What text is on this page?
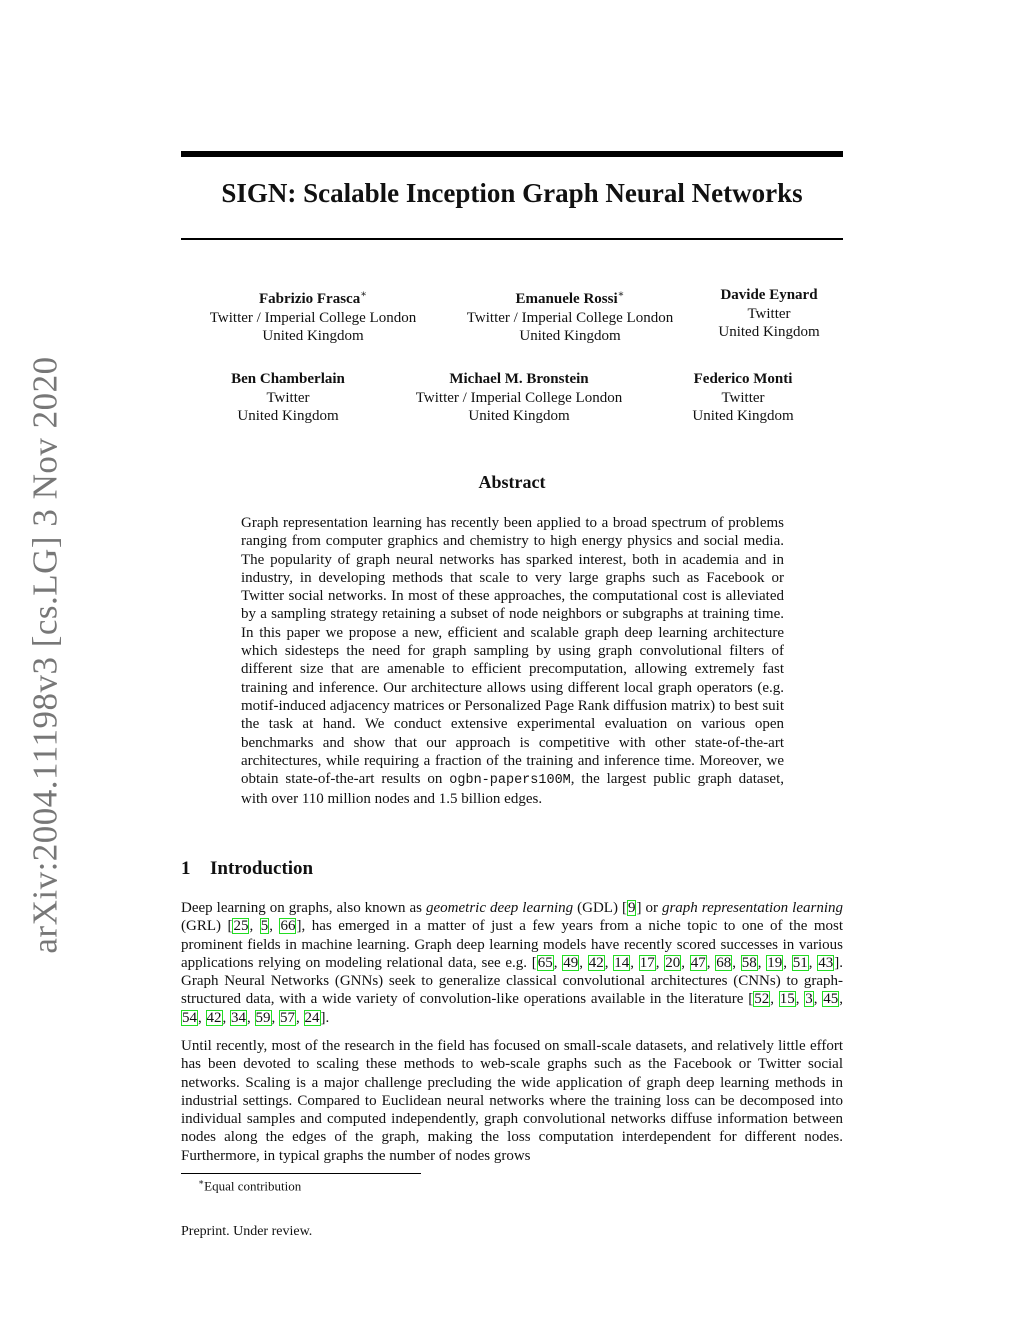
arXiv:2004.11198v3 [cs.LG] 3 Nov 2020
SIGN: Scalable Inception Graph Neural Networks
Fabrizio Frasca∗
Twitter / Imperial College London
United Kingdom
Emanuele Rossi∗
Twitter / Imperial College London
United Kingdom
Davide Eynard
Twitter
United Kingdom
Ben Chamberlain
Twitter
United Kingdom
Michael M. Bronstein
Twitter / Imperial College London
United Kingdom
Federico Monti
Twitter
United Kingdom
Abstract

Graph representation learning has recently been applied to a broad spectrum of problems ranging from computer graphics and chemistry to high energy physics and social media. The popularity of graph neural networks has sparked interest, both in academia and in industry, in developing methods that scale to very large graphs such as Facebook or Twitter social networks. In most of these approaches, the computational cost is alleviated by a sampling strategy retaining a subset of node neighbors or subgraphs at training time. In this paper we propose a new, efficient and scalable graph deep learning architecture which sidesteps the need for graph sampling by using graph convolutional filters of different size that are amenable to efficient precomputation, allowing extremely fast training and inference. Our architecture allows using different local graph operators (e.g. motif-induced adjacency matrices or Personalized Page Rank diffusion matrix) to best suit the task at hand. We conduct extensive experimental evaluation on various open benchmarks and show that our approach is competitive with other state-of-the-art architectures, while requiring a fraction of the training and inference time. Moreover, we obtain state-of-the-art results on ogbn-papers100M, the largest public graph dataset, with over 110 million nodes and 1.5 billion edges.

1 Introduction

Deep learning on graphs, also known as geometric deep learning (GDL) [9] or graph representation learning (GRL) [25, 5, 66], has emerged in a matter of just a few years from a niche topic to one of the most prominent fields in machine learning. Graph deep learning models have recently scored successes in various applications relying on modeling relational data, see e.g. [65, 49, 42, 14, 17, 20, 47, 68, 58, 19, 51, 43]. Graph Neural Networks (GNNs) seek to generalize classical convolutional architectures (CNNs) to graph-structured data, with a wide variety of convolution-like operations available in the literature [52, 15, 3, 45, 54, 42, 34, 59, 57, 24].

Until recently, most of the research in the field has focused on small-scale datasets, and relatively little effort has been devoted to scaling these methods to web-scale graphs such as the Facebook or Twitter social networks. Scaling is a major challenge precluding the wide application of graph deep learning methods in industrial settings. Compared to Euclidean neural networks where the training loss can be decomposed into individual samples and computed independently, graph convolutional networks diffuse information between nodes along the edges of the graph, making the loss computation interdependent for different nodes. Furthermore, in typical graphs the number of nodes grows

∗Equal contribution

Preprint. Under review.
